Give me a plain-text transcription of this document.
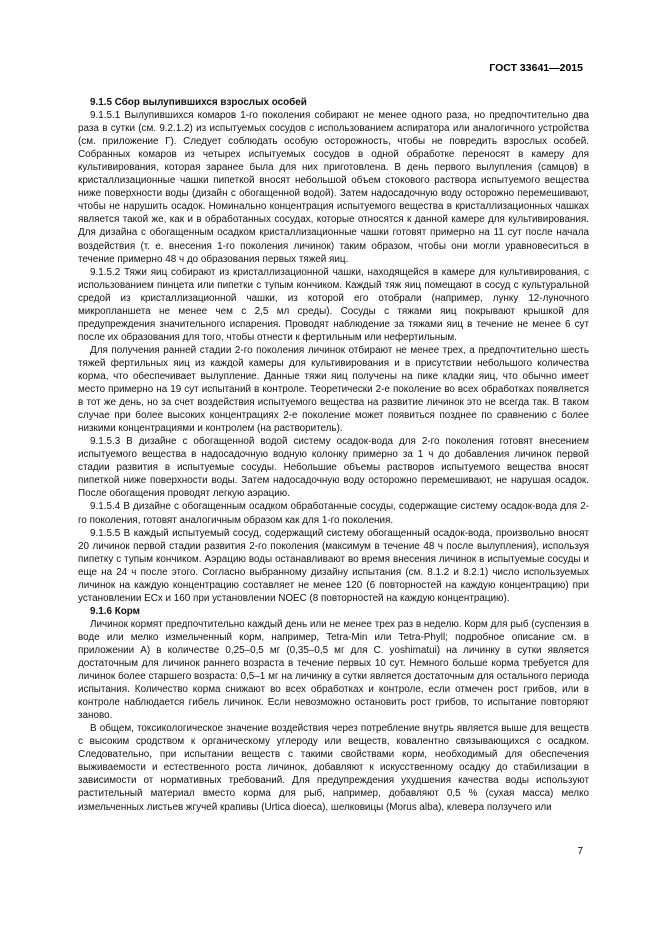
ГОСТ 33641—2015
9.1.5 Сбор вылупившихся взрослых особей

9.1.5.1 Вылупившихся комаров 1-го поколения собирают не менее одного раза, но предпочтительно два раза в сутки (см. 9.2.1.2) из испытуемых сосудов с использованием аспиратора или аналогичного устройства (см. приложение Г). Следует соблюдать особую осторожность, чтобы не повредить взрослых особей. Собранных комаров из четырех испытуемых сосудов в одной обработке переносят в камеру для культивирования, которая заранее была для них приготовлена. В день первого вылупления (самцов) в кристаллизационные чашки пипеткой вносят небольшой объем стокового раствора испытуемого вещества ниже поверхности воды (дизайн с обогащенной водой). Затем надосадочную воду осторожно перемешивают, чтобы не нарушить осадок. Номинально концентрация испытуемого вещества в кристаллизационных чашках является такой же, как и в обработанных сосудах, которые относятся к данной камере для культивирования. Для дизайна с обогащенным осадком кристаллизационные чашки готовят примерно на 11 сут после начала воздействия (т. е. внесения 1-го поколения личинок) таким образом, чтобы они могли уравновеситься в течение примерно 48 ч до образования первых тяжей яиц.

9.1.5.2 Тяжи яиц собирают из кристаллизационной чашки, находящейся в камере для культивирования, с использованием пинцета или пипетки с тупым кончиком. Каждый тяж яиц помещают в сосуд с культуральной средой из кристаллизационной чашки, из которой его отобрали (например, лунку 12-луночного микропланшета не менее чем с 2,5 мл среды). Сосуды с тяжами яиц покрывают крышкой для предупреждения значительного испарения. Проводят наблюдение за тяжами яиц в течение не менее 6 сут после их образования для того, чтобы отнести к фертильным или нефертильным.

Для получения ранней стадии 2-го поколения личинок отбирают не менее трех, а предпочтительно шесть тяжей фертильных яиц из каждой камеры для культивирования и в присутствии небольшого количества корма, что обеспечивает вылупление. Данные тяжи яиц получены на пике кладки яиц, что обычно имеет место примерно на 19 сут испытаний в контроле. Теоретически 2-е поколение во всех обработках появляется в тот же день, но за счет воздействия испытуемого вещества на развитие личинок это не всегда так. В таком случае при более высоких концентрациях 2-е поколение может появиться позднее по сравнению с более низкими концентрациями и контролем (на растворитель).

9.1.5.3 В дизайне с обогащенной водой систему осадок-вода для 2-го поколения готовят внесением испытуемого вещества в надосадочную водную колонку примерно за 1 ч до добавления личинок первой стадии развития в испытуемые сосуды. Небольшие объемы растворов испытуемого вещества вносят пипеткой ниже поверхности воды. Затем надосадочную воду осторожно перемешивают, не нарушая осадок. После обогащения проводят легкую аэрацию.

9.1.5.4 В дизайне с обогащенным осадком обработанные сосуды, содержащие систему осадок-вода для 2-го поколения, готовят аналогичным образом как для 1-го поколения.

9.1.5.5 В каждый испытуемый сосуд, содержащий систему обогащенный осадок-вода, произвольно вносят 20 личинок первой стадии развития 2-го поколения (максимум в течение 48 ч после вылупления), используя пипетку с тупым кончиком. Аэрацию воды останавливают во время внесения личинок в испытуемые сосуды и еще на 24 ч после этого. Согласно выбранному дизайну испытания (см. 8.1.2 и 8.2.1) число используемых личинок на каждую концентрацию составляет не менее 120 (6 повторностей на каждую концентрацию) при установлении ECx и 160 при установлении NOEC (8 повторностей на каждую концентрацию).

9.1.6 Корм

Личинок кормят предпочтительно каждый день или не менее трех раз в неделю. Корм для рыб (суспензия в воде или мелко измельченный корм, например, Tetra-Min или Tetra-Phyll; подробное описание см. в приложении А) в количестве 0,25–0,5 мг (0,35–0,5 мг для C. yoshimatui) на личинку в сутки является достаточным для личинок раннего возраста в течение первых 10 сут. Немного больше корма требуется для личинок более старшего возраста: 0,5–1 мг на личинку в сутки является достаточным для остального периода испытания. Количество корма снижают во всех обработках и контроле, если отмечен рост грибов, или в контроле наблюдается гибель личинок. Если невозможно остановить рост грибов, то испытание повторяют заново.

В общем, токсикологическое значение воздействия через потребление внутрь является выше для веществ с высоким сродством к органическому углероду или веществ, ковалентно связывающихся с осадком. Следовательно, при испытании веществ с такими свойствами корм, необходимый для обеспечения выживаемости и естественного роста личинок, добавляют к искусственному осадку до стабилизации в зависимости от нормативных требований. Для предупреждения ухудшения качества воды используют растительный материал вместо корма для рыб, например, добавляют 0,5 % (сухая масса) мелко измельченных листьев жгучей крапивы (Urtica dioeca), шелковицы (Morus alba), клевера ползучего или

7
